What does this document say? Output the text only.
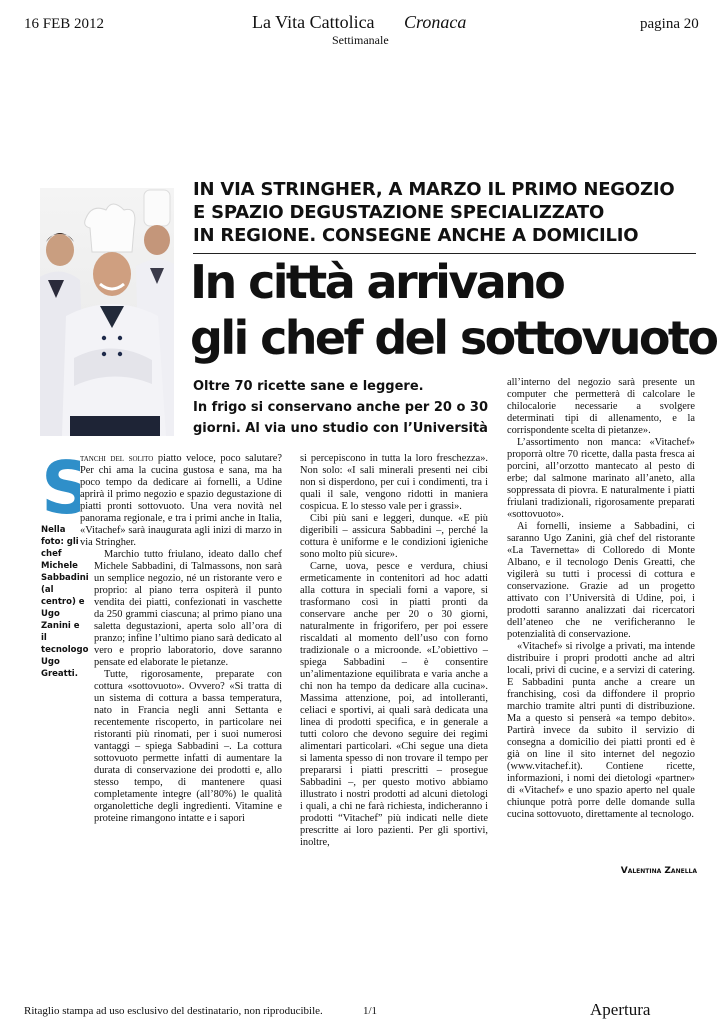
16 FEB 2012	La Vita Cattolica Cronaca
Settimanale
pagina 20
IN VIA STRINGHER, A MARZO IL PRIMO NEGOZIO
E SPAZIO DEGUSTAZIONE SPECIALIZZATO
IN REGIONE. CONSEGNE ANCHE A DOMICILIO
In città arrivano
gli chef del sottovuoto
Oltre 70 ricette sane e leggere.
In frigo si conservano anche per 20 o 30
giorni. Al via uno studio con l’Università
S
Nella foto: gli chef Michele Sabbadini (al centro) e Ugo Zanini e il tecnologo Ugo Greatti.

tanchi del solito piatto veloce, poco salutare? Per chi ama la cucina gustosa e sana, ma ha poco tempo da dedicare ai fornelli, a Udine aprirà il primo negozio e spazio degustazione di piatti pronti sottovuoto. Una vera novità nel panorama regionale, e tra i primi anche in Italia, «Vitachef» sarà inaugurata agli inizi di marzo in via Stringher.

Marchio tutto friulano, ideato dallo chef Michele Sabbadini, di Talmassons, non sarà un semplice negozio, né un ristorante vero e proprio: al piano terra ospiterà il punto vendita dei piatti, confezionati in vaschette da 250 grammi ciascuna; al primo piano una saletta degustazioni, aperta solo all’ora di pranzo; infine l’ultimo piano sarà dedicato al vero e proprio laboratorio, dove saranno pensate ed elaborate le pietanze.

Tutte, rigorosamente, preparate con cottura «sottovuoto». Ovvero? «Si tratta di un sistema di cottura a bassa temperatura, nato in Francia negli anni Settanta e recentemente riscoperto, in particolare nei ristoranti più rinomati, per i suoi numerosi vantaggi – spiega Sabbadini –. La cottura sottovuoto permette infatti di aumentare la durata di conservazione dei prodotti e, allo stesso tempo, di mantenere quasi completamente integre (all’80%) le qualità organolettiche degli ingredienti. Vitamine e proteine rimangono intatte e i sapori

si percepiscono in tutta la loro freschezza». Non solo: «I sali minerali presenti nei cibi non si disperdono, per cui i condimenti, tra i quali il sale, vengono ridotti in maniera cospicua. E lo stesso vale per i grassi».

Cibi più sani e leggeri, dunque. «E più digeribili – assicura Sabbadini –, perché la cottura è uniforme e le condizioni igieniche sono molto più sicure».

Carne, uova, pesce e verdura, chiusi ermeticamente in contenitori ad hoc adatti alla cottura in speciali forni a vapore, si trasformano così in piatti pronti da conservare anche per 20 o 30 giorni, naturalmente in frigorifero, per poi essere riscaldati al momento dell’uso con forno tradizionale o a microonde. «L’obiettivo – spiega Sabbadini – è consentire un’alimentazione equilibrata e varia anche a chi non ha tempo da dedicare alla cucina». Massima attenzione, poi, ad intolleranti, celiaci e sportivi, ai quali sarà dedicata una linea di prodotti specifica, e in generale a tutti coloro che devono seguire dei regimi alimentari particolari. «Chi segue una dieta si lamenta spesso di non trovare il tempo per prepararsi i piatti prescritti – prosegue Sabbadini –, per questo motivo abbiamo illustrato i nostri prodotti ad alcuni dietologi i quali, a chi ne farà richiesta, indicheranno i prodotti “Vitachef” più indicati nelle diete prescritte ai loro pazienti. Per gli sportivi, inoltre,

all’interno del negozio sarà presente un computer che permetterà di calcolare le chilocalorie necessarie a svolgere determinati tipi di allenamento, e la corrispondente scelta di pietanze».

L’assortimento non manca: «Vitachef» proporrà oltre 70 ricette, dalla pasta fresca ai porcini, all’orzotto mantecato al pesto di erbe; dal salmone marinato all’aneto, alla soppressata di piovra. E naturalmente i piatti friulani tradizionali, rigorosamente preparati «sottovuoto».

Ai fornelli, insieme a Sabbadini, ci saranno Ugo Zanini, già chef del ristorante «La Tavernetta» di Colloredo di Monte Albano, e il tecnologo Denis Greatti, che vigilerà su tutti i processi di cottura e conservazione. Grazie ad un progetto attivato con l’Università di Udine, poi, i prodotti saranno analizzati dai ricercatori dell’ateneo che ne verificheranno le potenzialità di conservazione.

«Vitachef» si rivolge a privati, ma intende distribuire i propri prodotti anche ad altri locali, privi di cucine, e a servizi di catering. E Sabbadini punta anche a creare un franchising, così da diffondere il proprio marchio tramite altri punti di distribuzione. Ma a questo si penserà «a tempo debito». Partirà invece da subito il servizio di consegna a domicilio dei piatti pronti ed è già on line il sito internet del negozio (www.vitachef.it). Contiene ricette, informazioni, i nomi dei dietologi «partner» di «Vitachef» e uno spazio aperto nel quale chiunque potrà porre delle domande sulla cucina sottovuoto, direttamente al tecnologo.

Valentina Zanella
Ritaglio stampa ad uso esclusivo del destinatario, non riproducibile.	1/1	Apertura
